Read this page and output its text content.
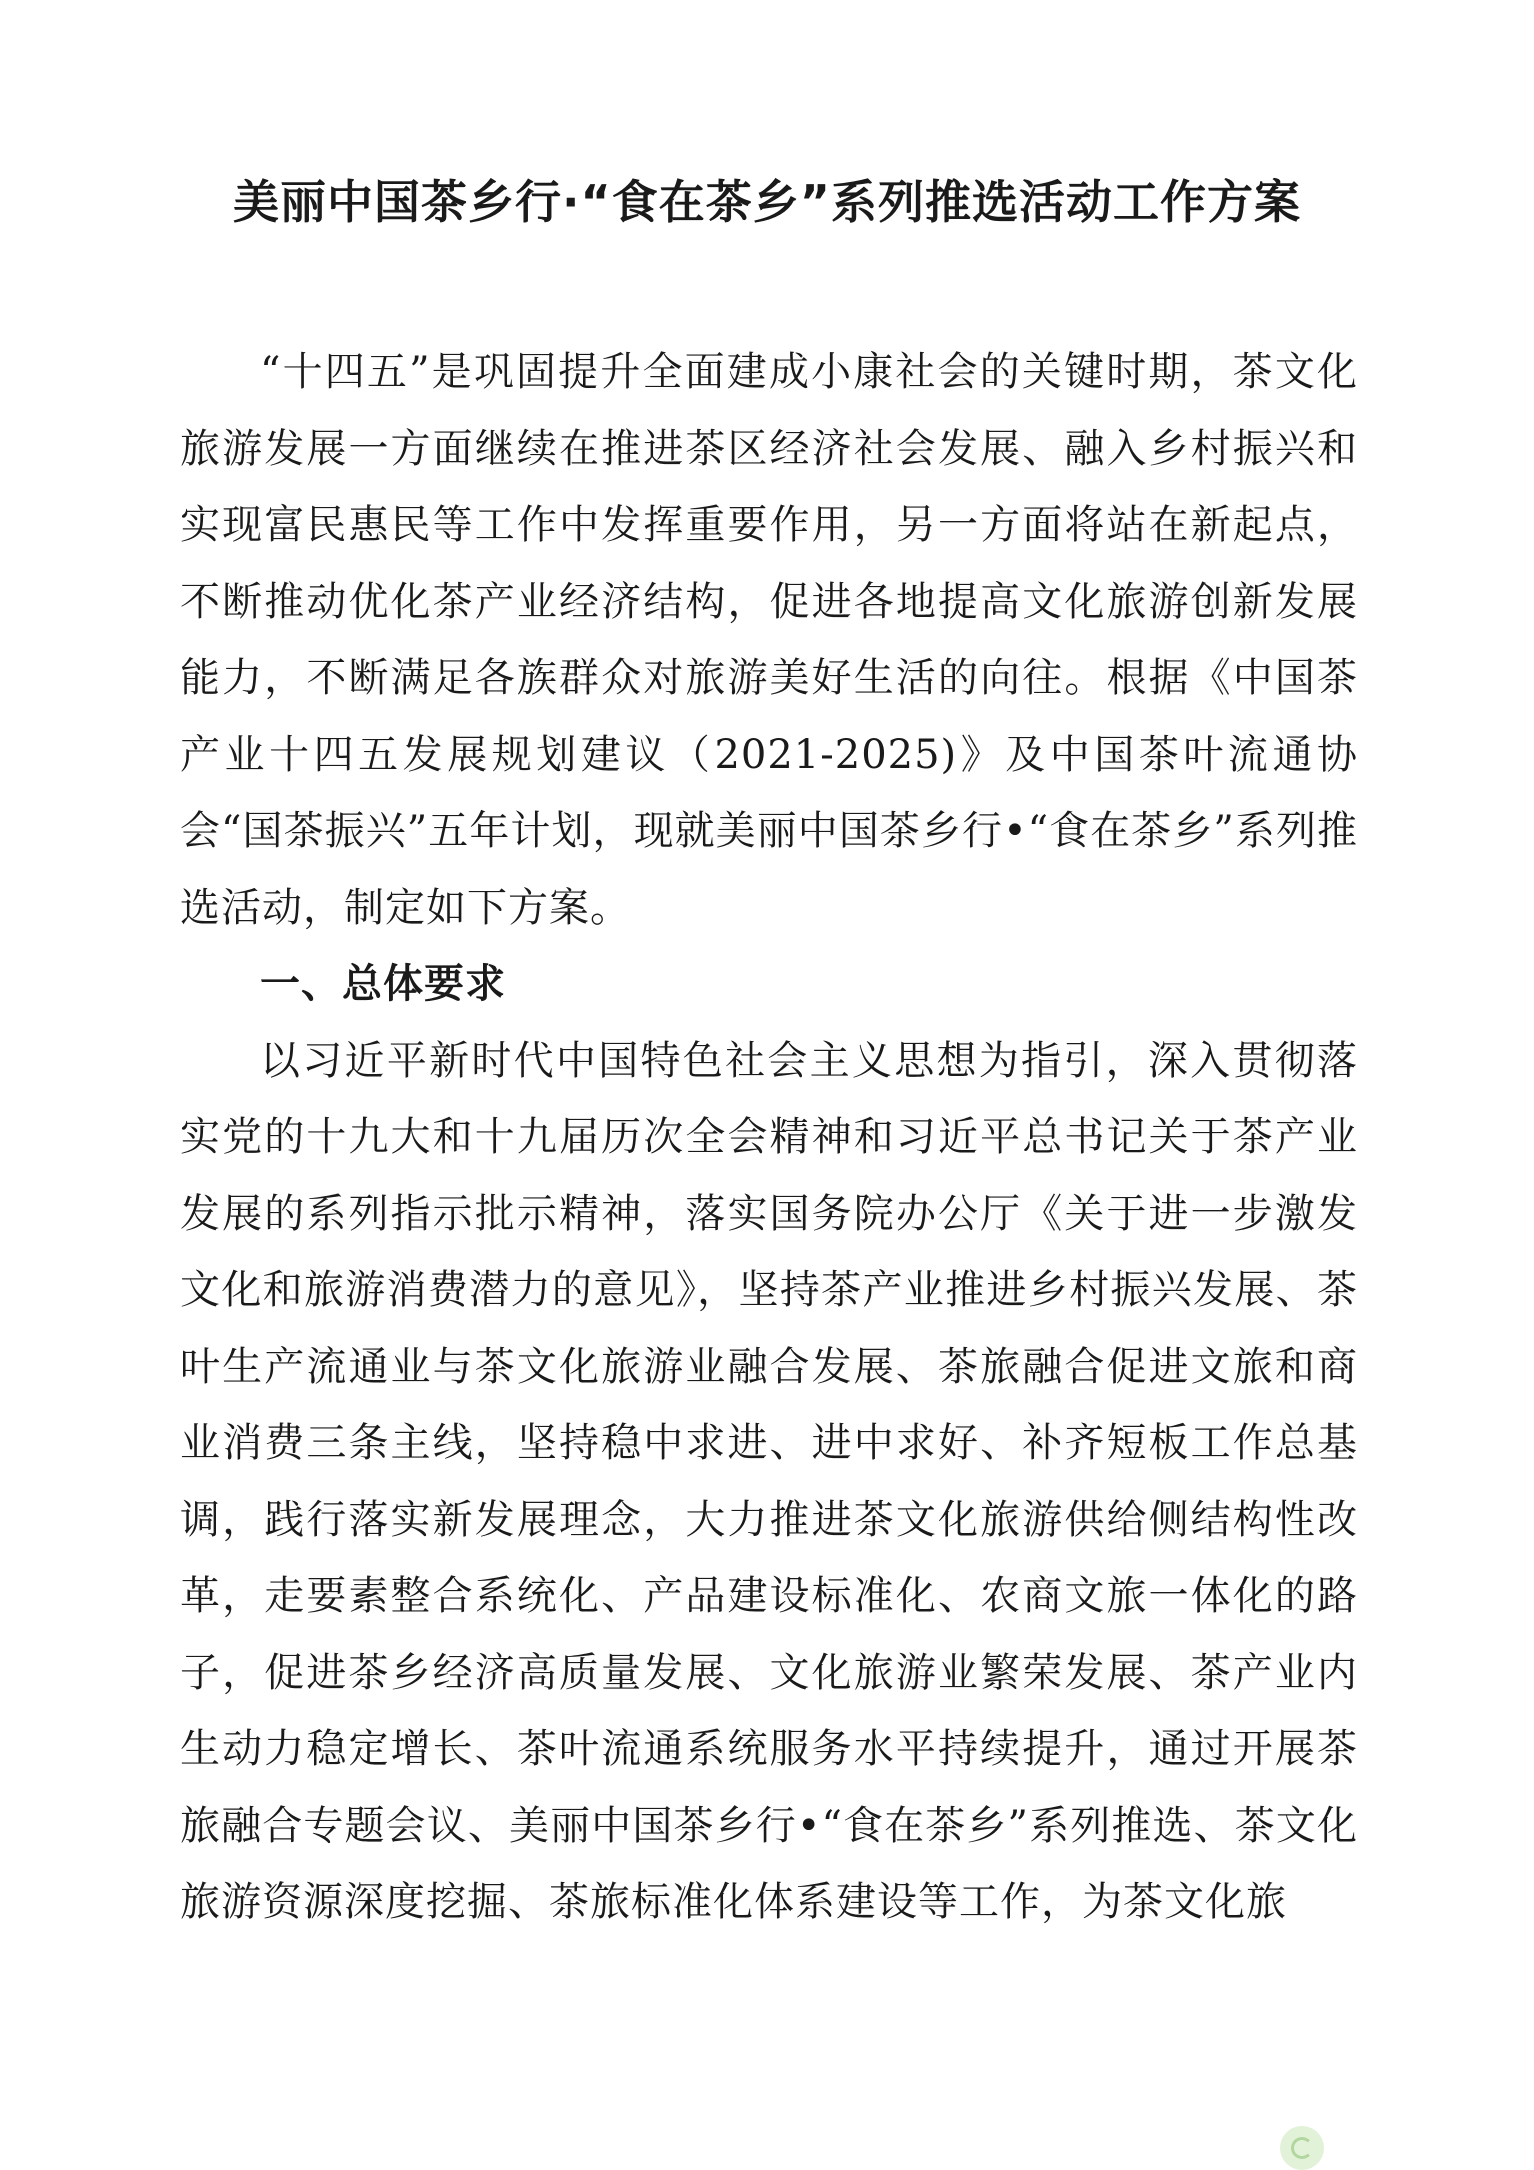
美丽中国茶乡行·“食在茶乡”系列推选活动工作方案

“十四五”是巩固提升全面建成小康社会的关键时期，茶文化旅游发展一方面继续在推进茶区经济社会发展、融入乡村振兴和实现富民惠民等工作中发挥重要作用，另一方面将站在新起点，不断推动优化茶产业经济结构，促进各地提高文化旅游创新发展能力，不断满足各族群众对旅游美好生活的向往。根据《中国茶产业十四五发展规划建议（2021-2025)》及中国茶叶流通协会“国茶振兴”五年计划，现就美丽中国茶乡行•“食在茶乡”系列推选活动，制定如下方案。

一、总体要求

以习近平新时代中国特色社会主义思想为指引，深入贯彻落实党的十九大和十九届历次全会精神和习近平总书记关于茶产业发展的系列指示批示精神，落实国务院办公厅《关于进一步激发文化和旅游消费潜力的意见》，坚持茶产业推进乡村振兴发展、茶叶生产流通业与茶文化旅游业融合发展、茶旅融合促进文旅和商业消费三条主线，坚持稳中求进、进中求好、补齐短板工作总基调，践行落实新发展理念，大力推进茶文化旅游供给侧结构性改革，走要素整合系统化、产品建设标准化、农商文旅一体化的路子，促进茶乡经济高质量发展、文化旅游业繁荣发展、茶产业内生动力稳定增长、茶叶流通系统服务水平持续提升，通过开展茶旅融合专题会议、美丽中国茶乡行•“食在茶乡”系列推选、茶文化旅游资源深度挖掘、茶旅标准化体系建设等工作，为茶文化旅
